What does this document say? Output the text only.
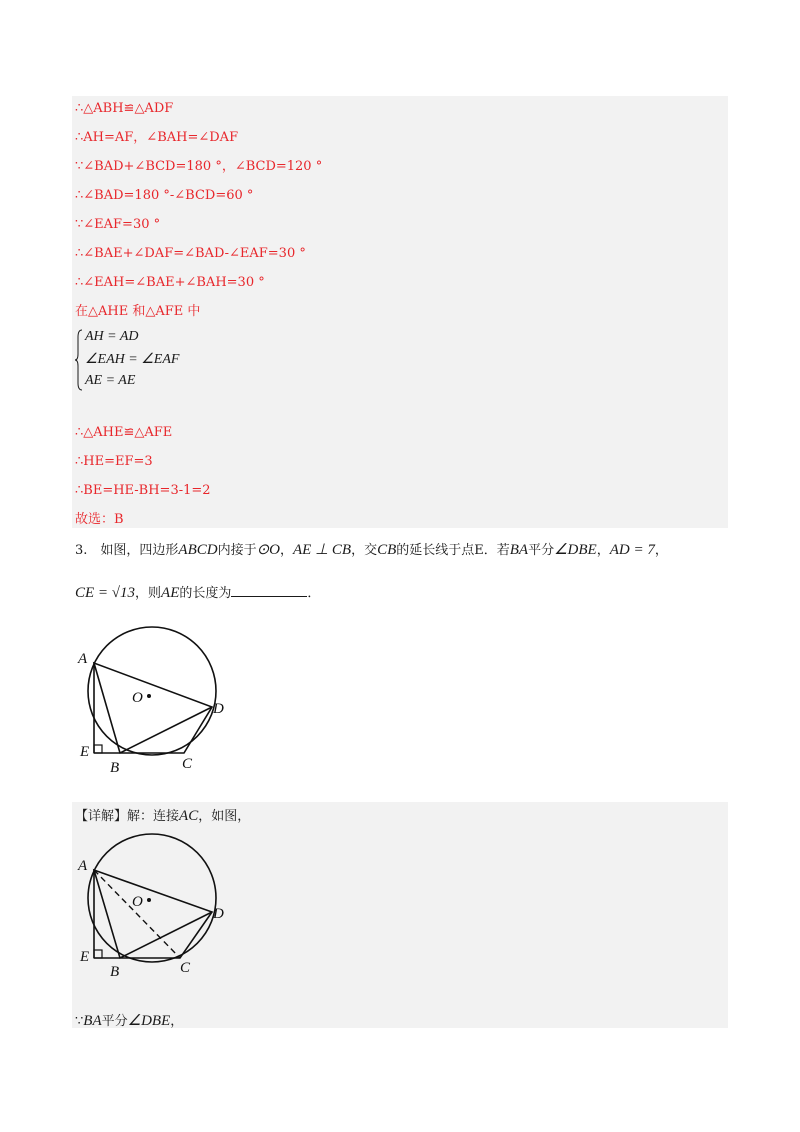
∴△ABH≌△ADF

∴AH=AF，∠BAH=∠DAF

∵∠BAD+∠BCD=180 °，∠BCD=120 °

∴∠BAD=180 °-∠BCD=60 °

∵∠EAF=30 °

∴∠BAE+∠DAF=∠BAD-∠EAF=30 °

∴∠EAH=∠BAE+∠BAH=30 °

在△AHE 和△AFE 中

AH = AD
∠EAH = ∠EAF
AE = AE

∴△AHE≌△AFE

∴HE=EF=3

∴BE=HE-BH=3-1=2

故选：B

3.　如图，四边形ABCD内接于⊙O，AE ⊥ CB，交CB的延长线于点E．若BA平分∠DBE，AD = 7，
CE = √13，则AE的长度为	．
A
O
D
E
B	C
【详解】解：连接AC，如图，
A
O
D
E
B	C
∵BA平分∠DBE，
